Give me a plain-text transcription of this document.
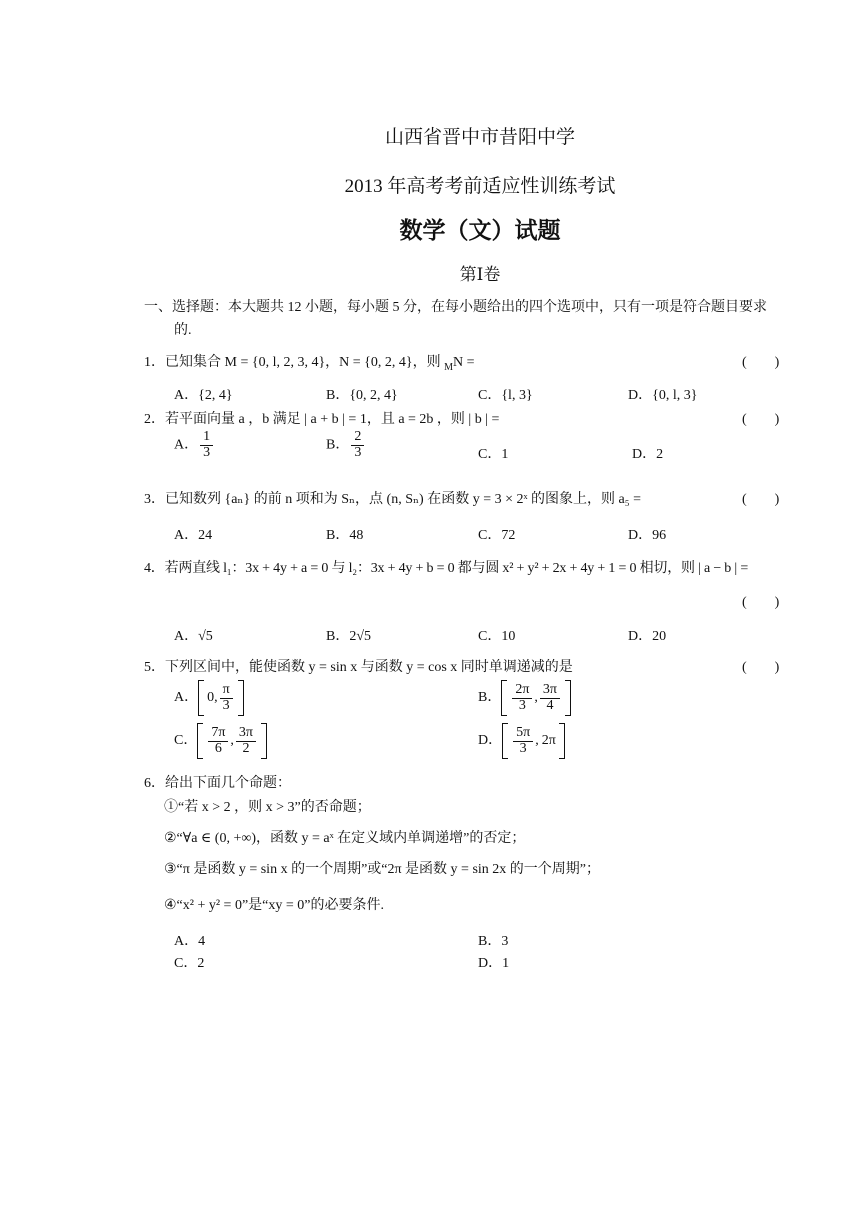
山西省晋中市昔阳中学
2013 年高考考前适应性训练考试
数学（文）试题
第Ⅰ卷
一、选择题：本大题共 12 小题，每小题 5 分，在每小题给出的四个选项中，只有一项是符合题目要求
的.
1．已知集合 M = {0, l, 2, 3, 4}，N = {0, 2, 4}，则 $_M$N =	(　　)
A．{2, 4}	B．{0, 2, 4}	C．{l, 3}	D．{0, l, 3}
2．若平面向量 a ，b 满足 | a + b | = 1，且 a = 2b ，则 | b | =	(　　)
A． $\frac{1}{3}$	B． $\frac{2}{3}$	C．1	D．2
3．已知数列 {aₙ} 的前 n 项和为 Sₙ，点 (n, Sₙ) 在函数 y = 3 × 2ˣ 的图象上，则 a₅ =	(　　)
A．24	B．48	C．72	D．96
4．若两直线 l₁：3x + 4y + a = 0 与 l₂：3x + 4y + b = 0 都与圆 x² + y² + 2x + 4y + 1 = 0 相切，则 | a − b | =
(　　)
A．√5	B．2√5	C．10	D．20
5．下列区间中，能使函数 y = sin x 与函数 y = cos x 同时单调递减的是	(　　)
A． 0, $\frac{\pi}{3}$	B． $\frac{2\pi}{3}$ , $\frac{3\pi}{4}$
C． $\frac{7\pi}{6}$ , $\frac{3\pi}{2}$	D． $\frac{5\pi}{3}$ , 2π
6．给出下面几个命题：
①“若 x > 2 ，则 x > 3”的否命题；
②“∀a ∈ (0, +∞)，函数 y = aˣ 在定义域内单调递增”的否定；
③“π 是函数 y = sin x 的一个周期”或“2π 是函数 y = sin 2x 的一个周期”；
④“x² + y² = 0”是“xy = 0”的必要条件.
A．4	B．3
C．2	D．1
